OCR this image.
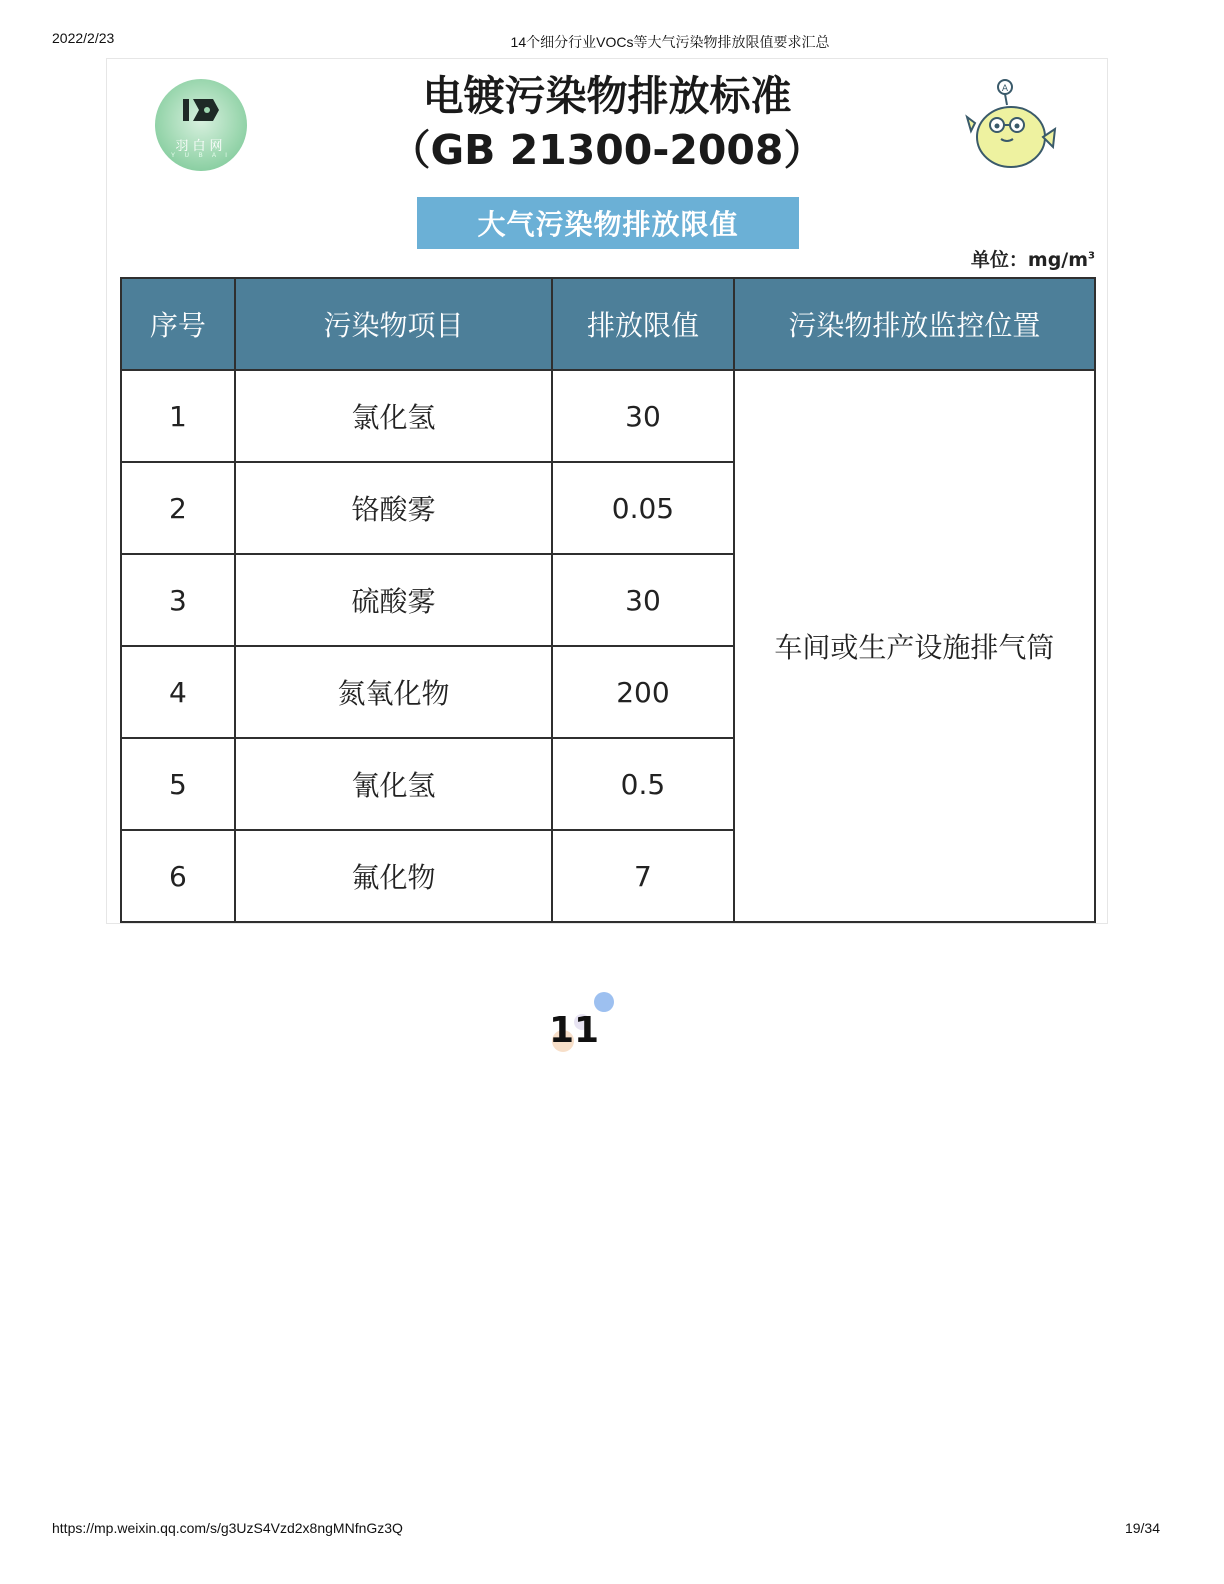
2022/2/23	14个细分行业VOCs等大气污染物排放限值要求汇总
羽白网
Y U B A I
电镀污染物排放标准
（GB 21300-2008）
A
大气污染物排放限值
单位：$mg/m^3$
序号	污染物项目	排放限值	污染物排放监控位置
1	氯化氢	30	车间或生产设施排气筒
2	铬酸雾	0.05	
3	硫酸雾	30	
4	氮氧化物	200	
5	氰化氢	0.5	
6	氟化物	7	
11
https://mp.weixin.qq.com/s/g3UzS4Vzd2x8ngMNfnGz3Q	19/34
